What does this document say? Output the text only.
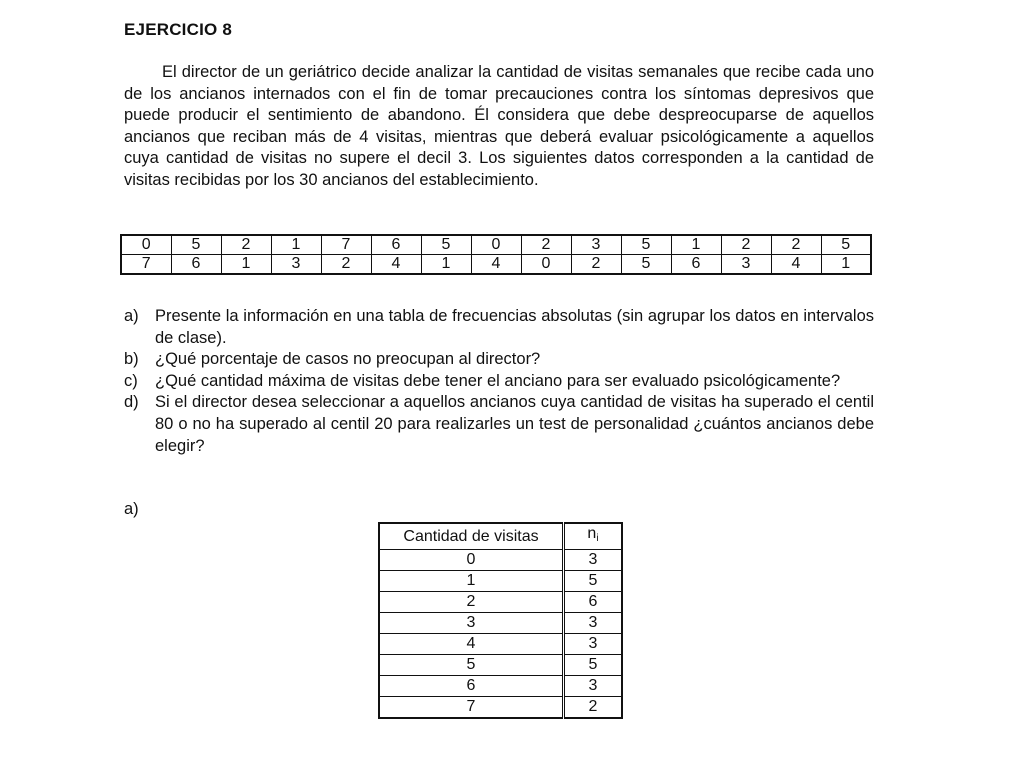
EJERCICIO 8

El director de un geriátrico decide analizar la cantidad de visitas semanales que recibe cada uno de los ancianos internados con el fin de tomar precauciones contra los síntomas depresivos que puede producir el sentimiento de abandono. Él considera que debe despreocuparse de aquellos ancianos que reciban más de 4 visitas, mientras que deberá evaluar psicológicamente a aquellos cuya cantidad de visitas no supere el decil 3. Los siguientes datos corresponden a la cantidad de visitas recibidas por los 30 ancianos del establecimiento.

0	5	2	1	7	6	5	0	2	3	5	1	2	2	5
7	6	1	3	2	4	1	4	0	2	5	6	3	4	1
a) Presente la información en una tabla de frecuencias absolutas (sin agrupar los datos en intervalos de clase).
b) ¿Qué porcentaje de casos no preocupan al director?
c) ¿Qué cantidad máxima de visitas debe tener el anciano para ser evaluado psicológicamente?
d) Si el director desea seleccionar a aquellos ancianos cuya cantidad de visitas ha superado el centil 80 o no ha superado al centil 20 para realizarles un test de personalidad ¿cuántos ancianos debe elegir?
a)
Cantidad de visitas	$n_i$
0	3
1	5
2	6
3	3
4	3
5	5
6	3
7	2
